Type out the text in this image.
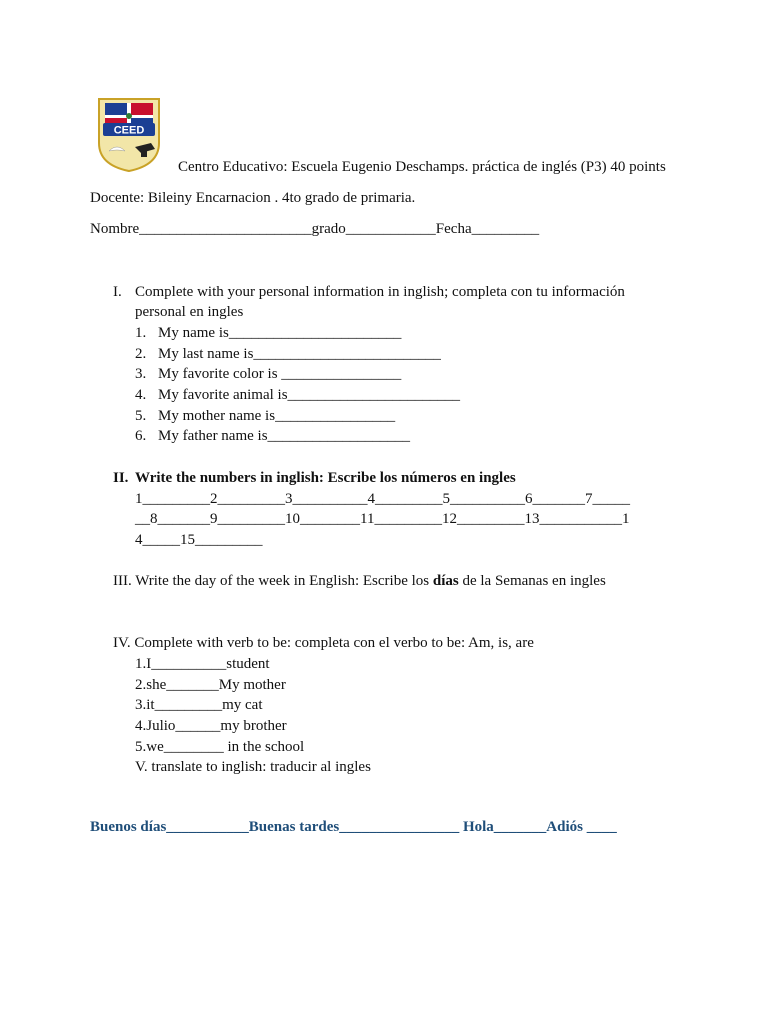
CEED
Centro Educativo: Escuela Eugenio Deschamps. práctica de inglés (P3) 40 points
Docente: Bileiny Encarnacion . 4to grado de primaria.
Nombre_______________________grado____________Fecha_________
I. Complete with your personal information in inglish; completa con tu información
personal en ingles
1. My name is_______________________
2. My last name is_________________________
3. My favorite color is ________________
4. My favorite animal is_______________________
5. My mother name is________________
6. My father name is___________________
II. Write the numbers in inglish: Escribe los números en ingles
1_________2_________3__________4_________5__________6_______7_____
__8_______9_________10________11_________12_________13___________1
4_____15_________
III. Write the day of the week in English: Escribe los días de la Semanas en ingles
IV. Complete with verb to be: completa con el verbo to be: Am, is, are
1.I__________student
2.she_______My mother
3.it_________my cat
4.Julio______my brother
5.we________ in the school
V. translate to inglish: traducir al ingles
Buenos días___________Buenas tardes________________ Hola_______Adiós ____
